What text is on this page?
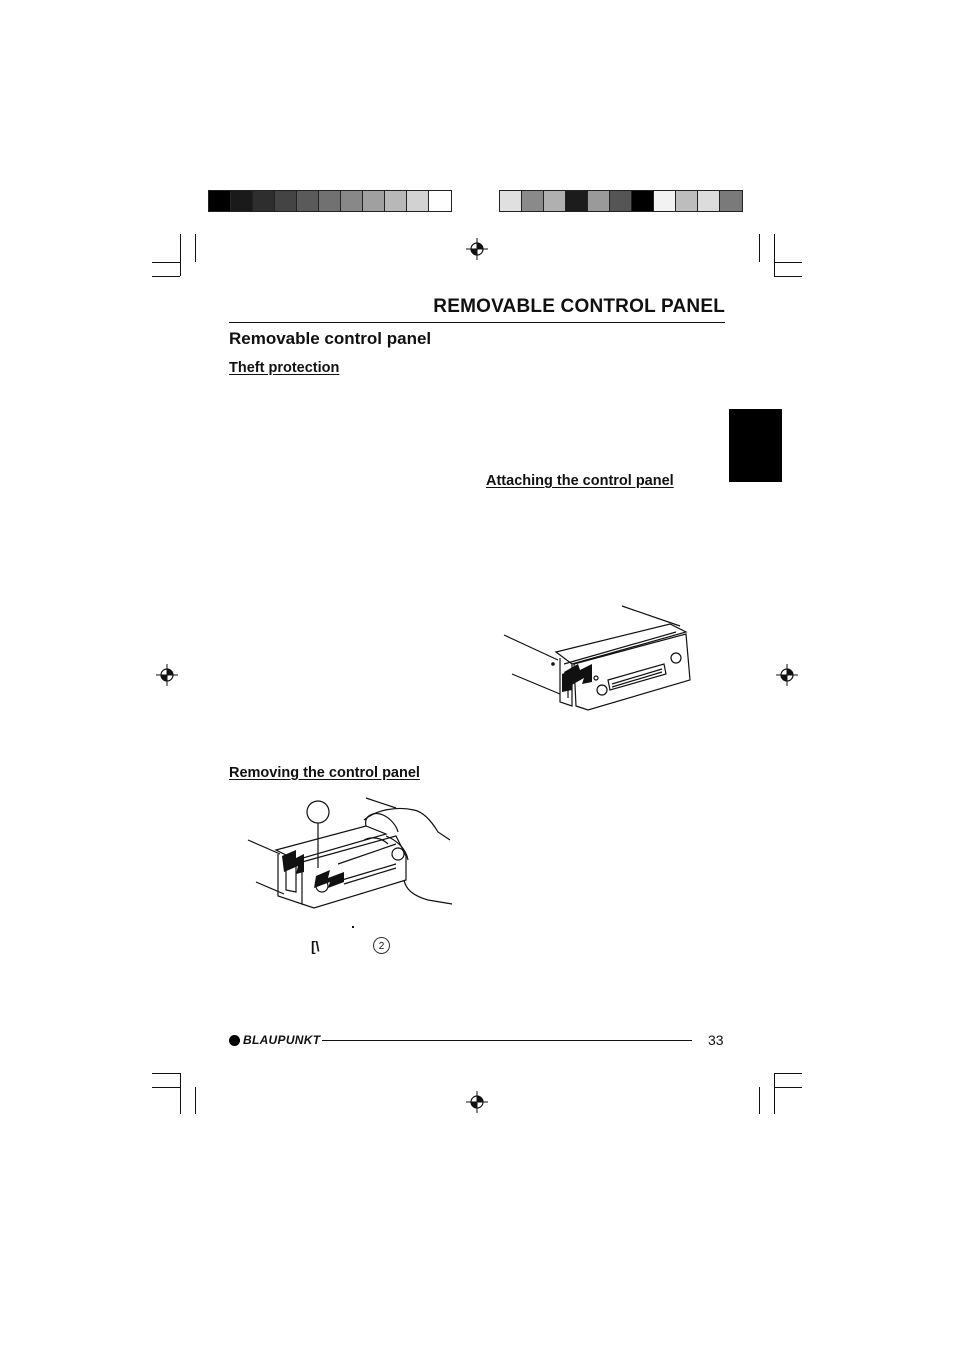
REMOVABLE CONTROL PANEL
Removable control panel
Theft protection
Attaching the control panel
Removing the control panel
[\	2
BLAUPUNKT	33
